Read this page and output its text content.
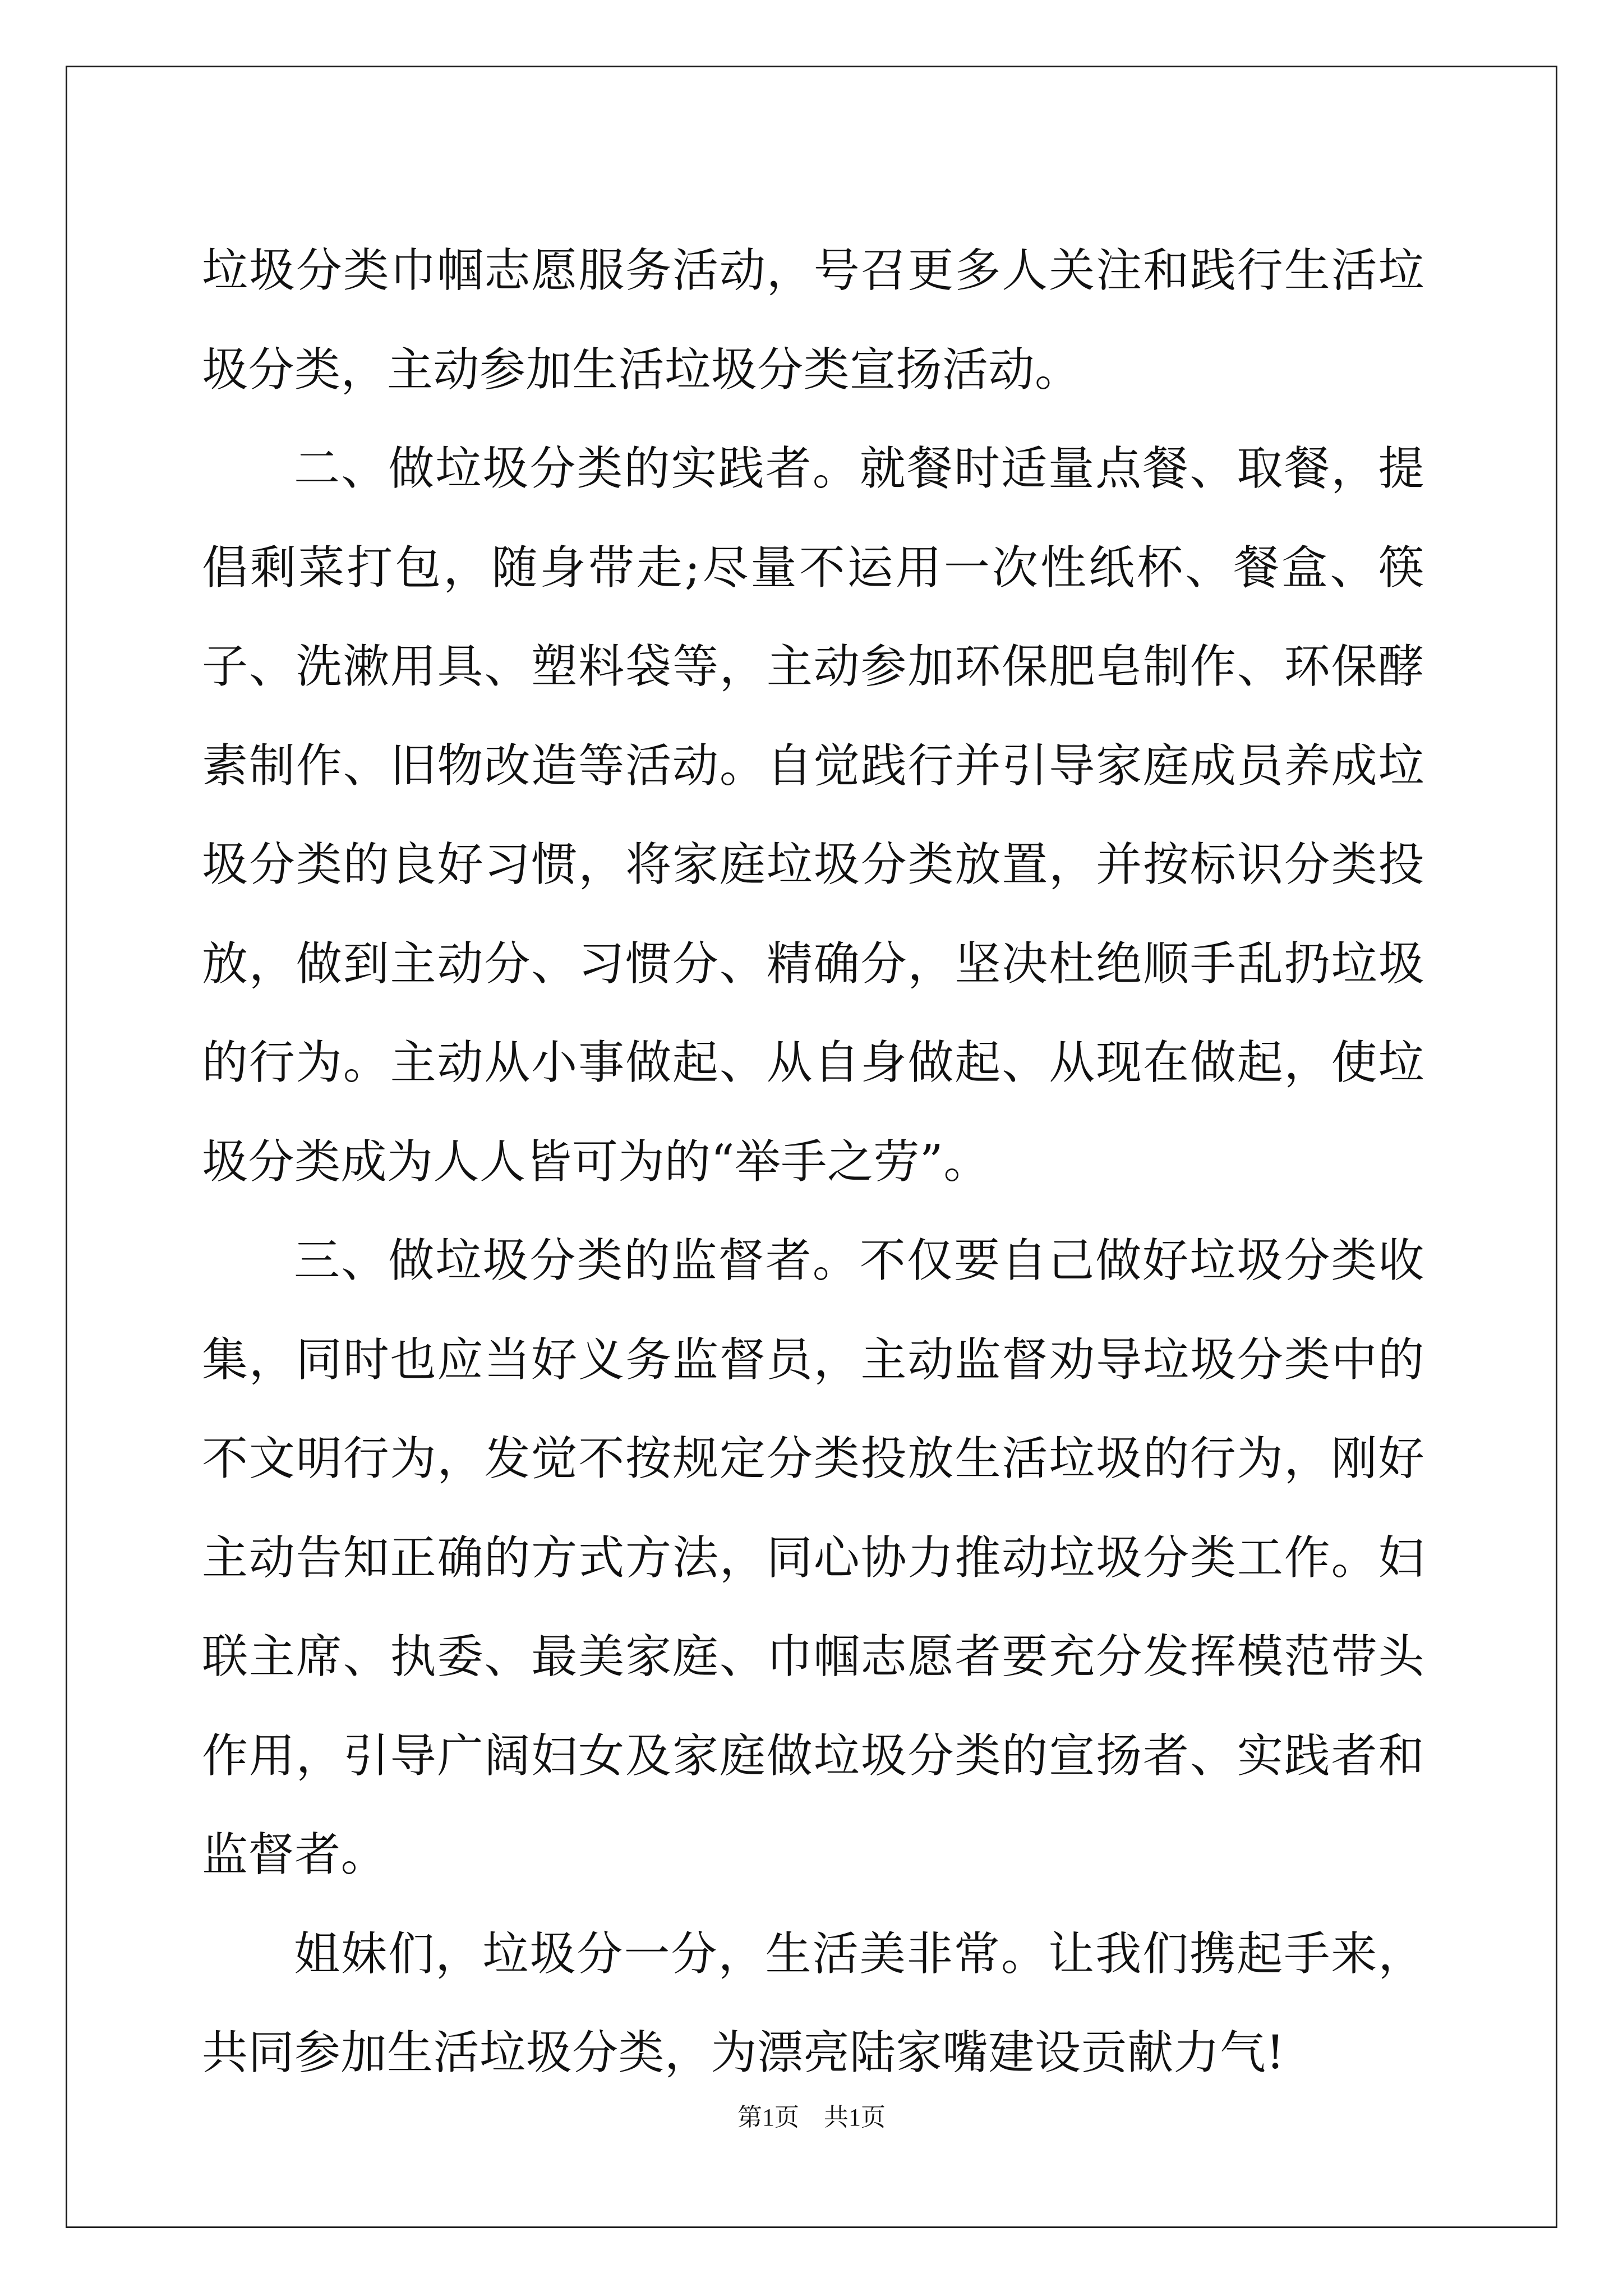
垃圾分类巾帼志愿服务活动，号召更多人关注和践行生活垃圾分类，主动参加生活垃圾分类宣扬活动。

二、做垃圾分类的实践者。就餐时适量点餐、取餐，提倡剩菜打包，随身带走;尽量不运用一次性纸杯、餐盒、筷子、洗漱用具、塑料袋等，主动参加环保肥皂制作、环保酵素制作、旧物改造等活动。自觉践行并引导家庭成员养成垃圾分类的良好习惯，将家庭垃圾分类放置，并按标识分类投放，做到主动分、习惯分、精确分，坚决杜绝顺手乱扔垃圾的行为。主动从小事做起、从自身做起、从现在做起，使垃圾分类成为人人皆可为的“举手之劳”。

三、做垃圾分类的监督者。不仅要自己做好垃圾分类收集，同时也应当好义务监督员，主动监督劝导垃圾分类中的不文明行为，发觉不按规定分类投放生活垃圾的行为，刚好主动告知正确的方式方法，同心协力推动垃圾分类工作。妇联主席、执委、最美家庭、巾帼志愿者要充分发挥模范带头作用，引导广阔妇女及家庭做垃圾分类的宣扬者、实践者和监督者。

姐妹们，垃圾分一分，生活美非常。让我们携起手来，共同参加生活垃圾分类，为漂亮陆家嘴建设贡献力气!

第1页　共1页
